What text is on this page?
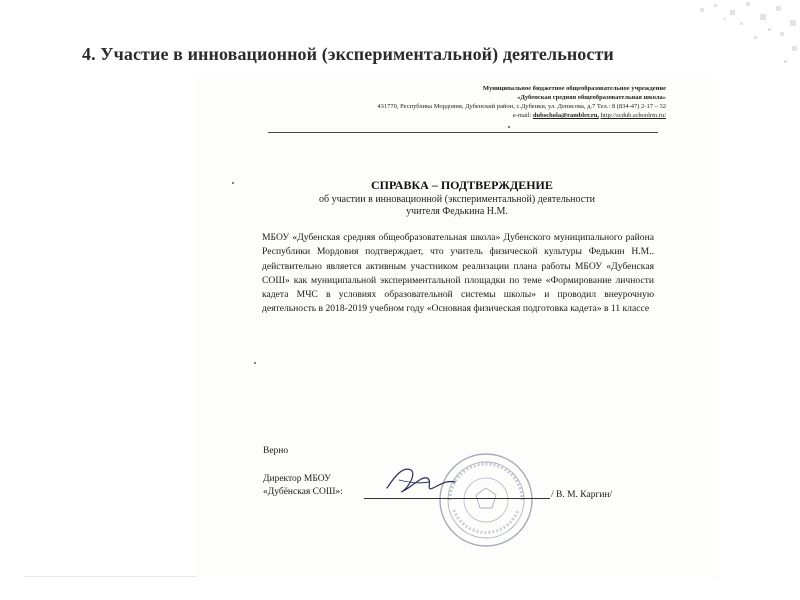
4. Участие в инновационной (экспериментальной) деятельности
Муниципальное бюджетное общеобразовательное учреждение
«Дубенская средняя общеобразовательная школа»
431770, Республика Мордовия, Дубенский район, с.Дубенки, ул. Денисова, д.7 Тел.: 8 (834-47) 2-17 – 32
e-mail: dubschola@rambler.ru, http://scdub.schoolrm.ru/
СПРАВКА – ПОДТВЕРЖДЕНИЕ
об участии в инновационной (экспериментальной) деятельности
учителя Федькина Н.М.
МБОУ «Дубенская средняя общеобразовательная школа» Дубенского муниципального района Республики Мордовия подтверждает, что учитель физической культуры Федькин Н.М.. действительно является активным участником реализации плана работы МБОУ «Дубенская СОШ» как муниципальной экспериментальной площадки по теме «Формирование личности кадета МЧС в условиях образовательной системы школы» и проводил внеурочную деятельность в 2018-2019 учебном году «Основная физическая подготовка кадета» в 11 классе
Верно
Директор МБОУ
«Дубёнская СОШ»:	/ В. М. Каргин/
